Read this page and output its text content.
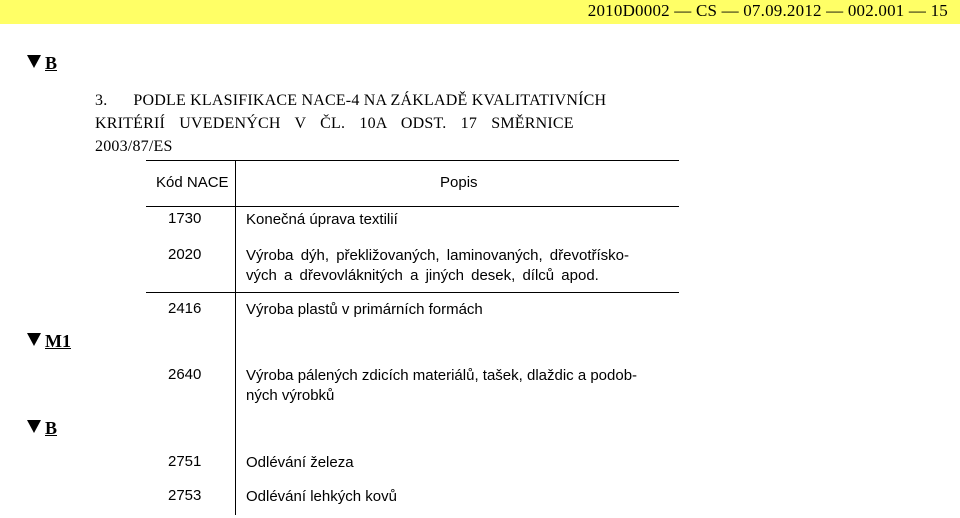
2010D0002 — CS — 07.09.2012 — 002.001 — 15
B
M1
B
3. PODLE KLASIFIKACE NACE-4 NA ZÁKLADĚ KVALITATIVNÍCH
KRITÉRIÍ UVEDENÝCH V ČL. 10A ODST. 17 SMĚRNICE
2003/87/ES
Kód NACE	Popis
1730	Konečná úprava textilií
2020	Výroba dýh, překližovaných, laminovaných, dřevotřísko-
vých a dřevovláknitých a jiných desek, dílců apod.
2416	Výroba plastů v primárních formách
2640	Výroba pálených zdicích materiálů, tašek, dlaždic a podob-
ných výrobků
2751	Odlévání železa
2753	Odlévání lehkých kovů
